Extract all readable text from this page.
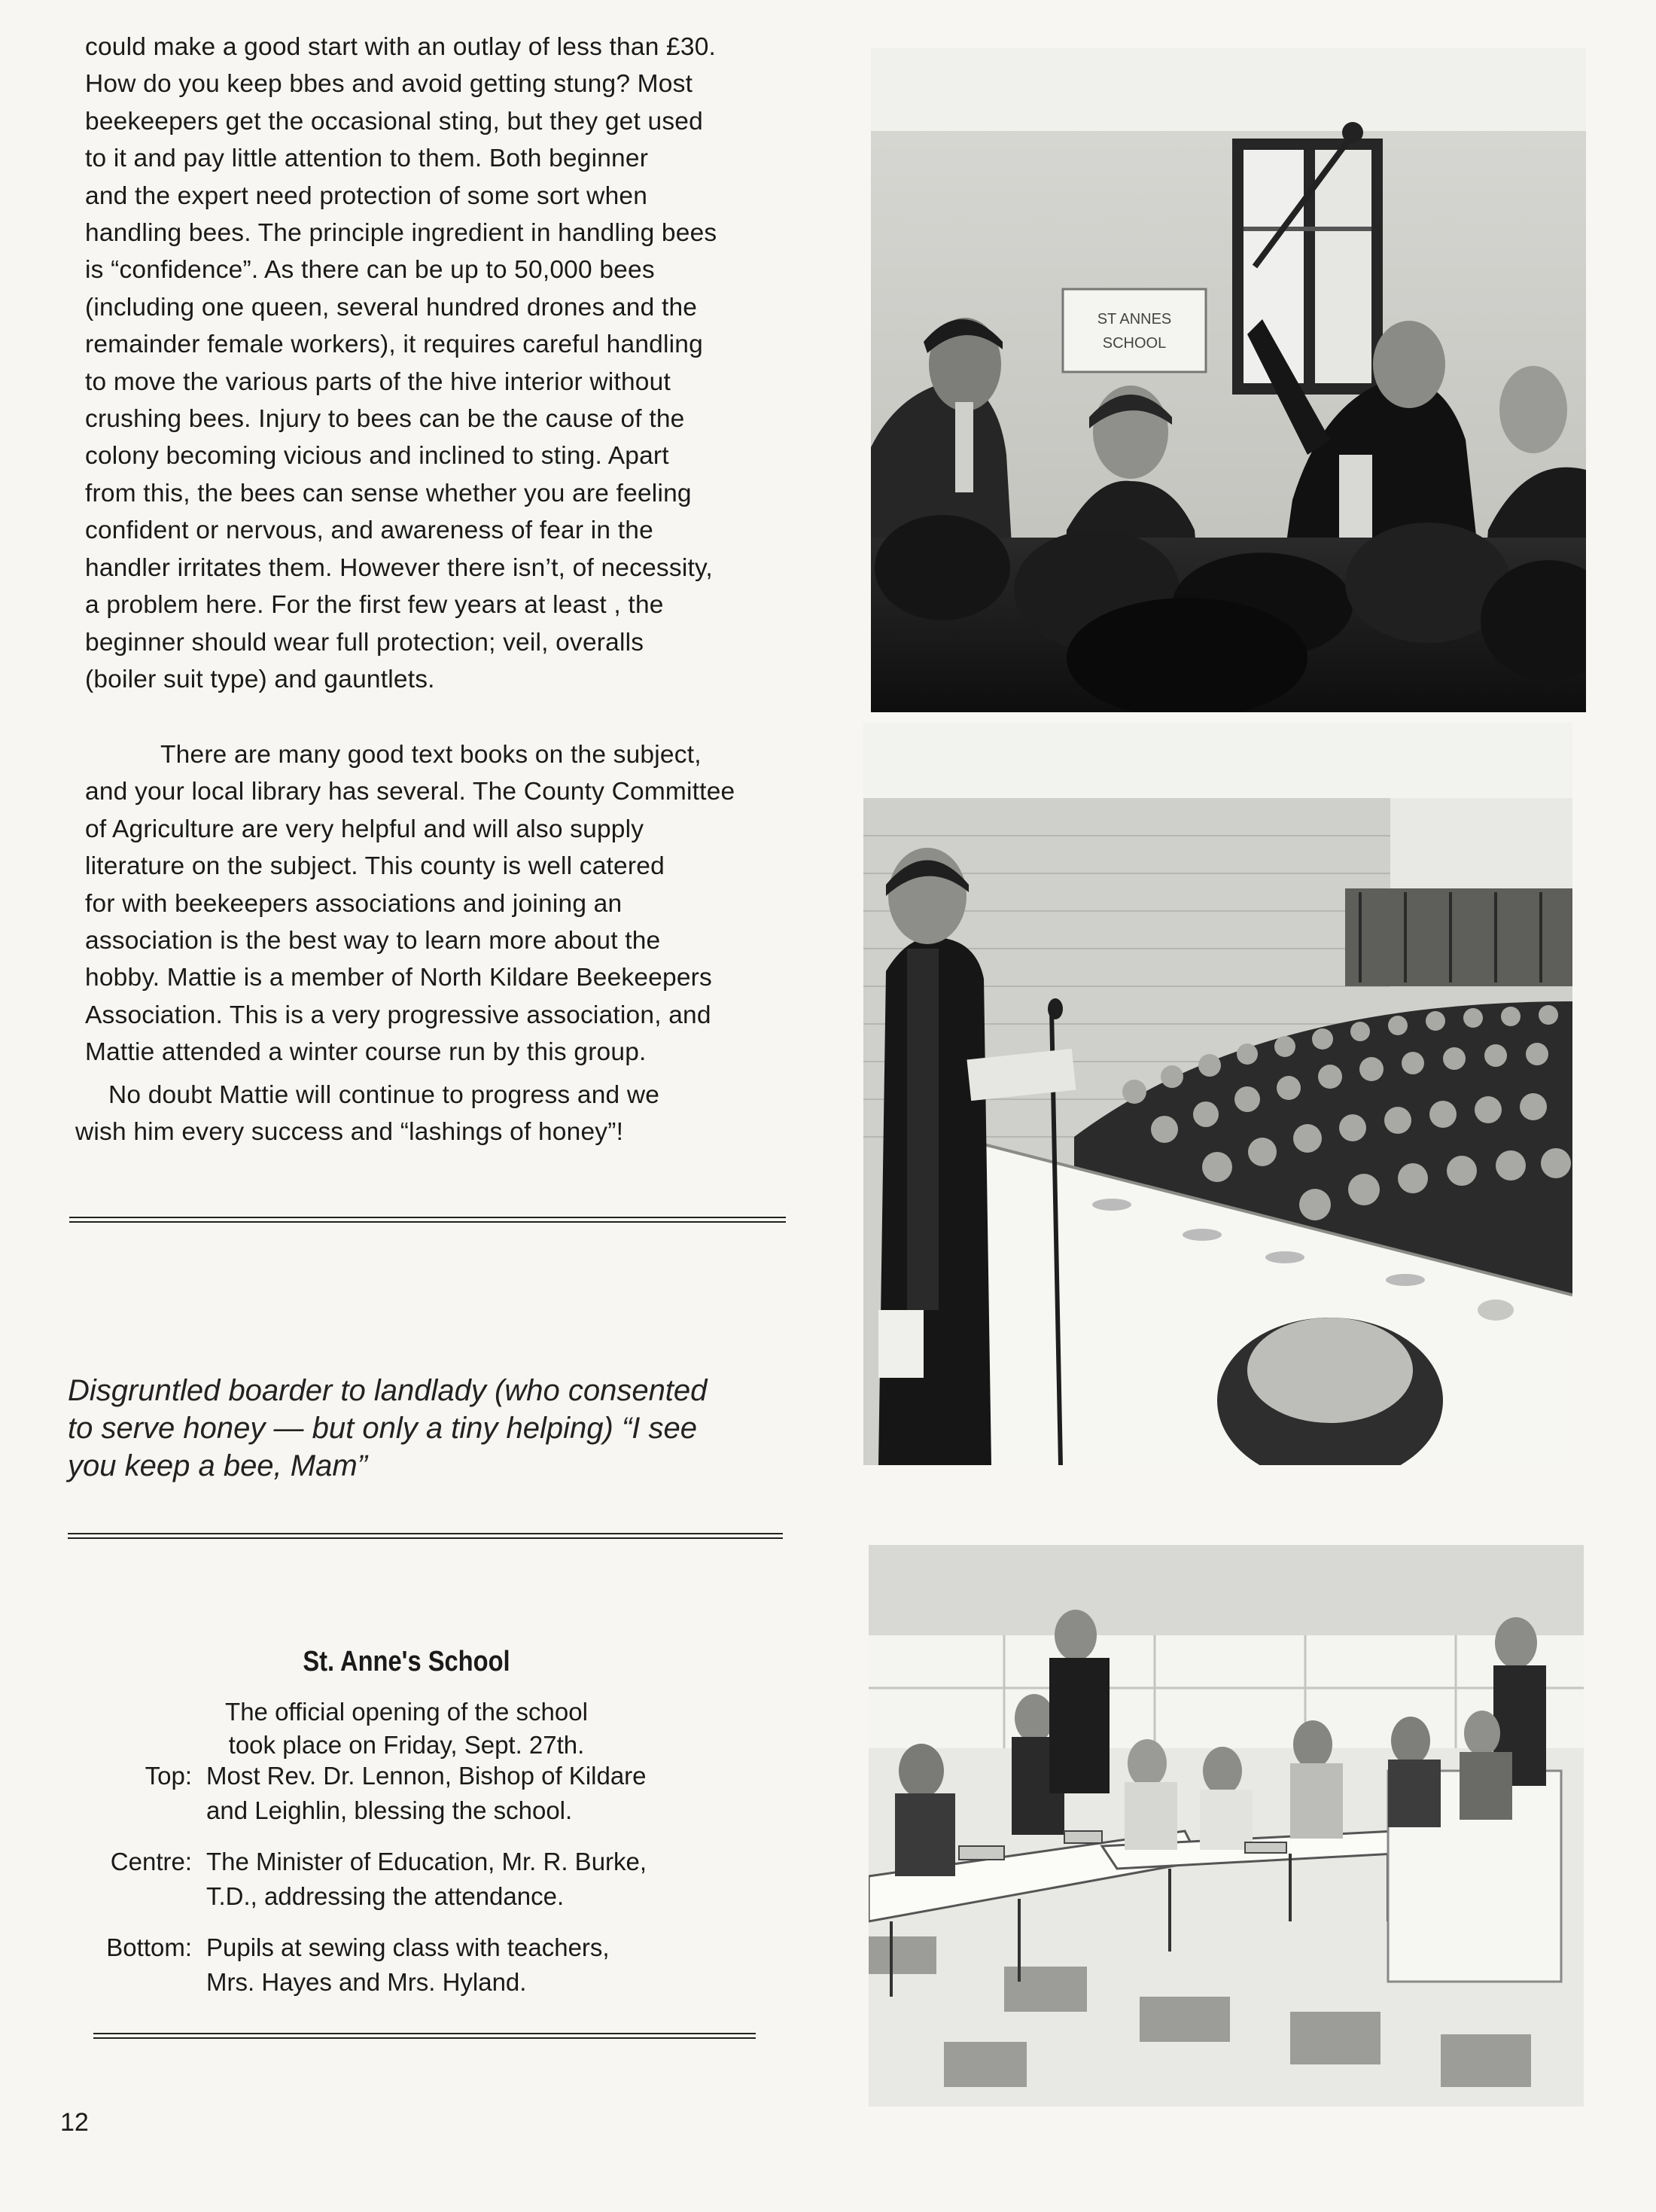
could make a good start with an outlay of less than £30.
How do you keep bbes and avoid getting stung? Most
beekeepers get the occasional sting, but they get used
to it and pay little attention to them. Both beginner
and the expert need protection of some sort when
handling bees. The principle ingredient in handling bees
is “confidence”. As there can be up to 50,000 bees
(including one queen, several hundred drones and the
remainder female workers), it requires careful handling
to move the various parts of the hive interior without
crushing bees. Injury to bees can be the cause of the
colony becoming vicious and inclined to sting. Apart
from this, the bees can sense whether you are feeling
confident or nervous, and awareness of fear in the
handler irritates them. However there isn’t, of necessity,
a problem here. For the first few years at least , the
beginner should wear full protection; veil, overalls
(boiler suit type) and gauntlets.

There are many good text books on the subject,
and your local library has several. The County Committee
of Agriculture are very helpful and will also supply
literature on the subject. This county is well catered
for with beekeepers associations and joining an
association is the best way to learn more about the
hobby. Mattie is a member of North Kildare Beekeepers
Association. This is a very progressive association, and
Mattie attended a winter course run by this group.

No doubt Mattie will continue to progress and we
wish him every success and “lashings of honey”!

Disgruntled boarder to landlady (who consented
to serve honey — but only a tiny helping) “I see
you keep a bee, Mam”

St. Anne's School
The official opening of the school
took place on Friday, Sept. 27th.
Top: Most Rev. Dr. Lennon, Bishop of Kildare
and Leighlin, blessing the school.
Centre: The Minister of Education, Mr. R. Burke,
T.D., addressing the attendance.
Bottom: Pupils at sewing class with teachers,
Mrs. Hayes and Mrs. Hyland.
12
ST ANNES
SCHOOL
